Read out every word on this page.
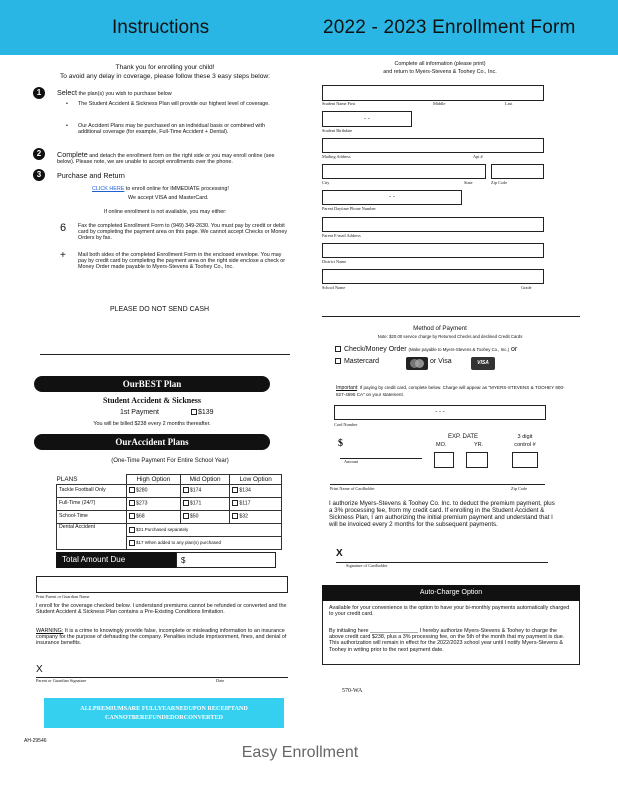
Instructions	2022 - 2023 Enrollment Form
Thank you for enrolling your child!
To avoid any delay in coverage, please follow these 3 easy steps below:
1	Select the plan(s) you wish to purchase below
• The Student Accident & Sickness Plan will provide our highest level of coverage.
• Our Accident Plans may be purchased on an individual basis or combined with additional coverage (for example, Full-Time Accident + Dental).
2	Complete and detach the enrollment form on the right side or you may enroll online (see below). Please note, we are unable to accept enrollments over the phone.
3	Purchase and Return
CLICK HERE to enroll online for IMMEDIATE processing!
We accept VISA and MasterCard.
If online enrollment is not available, you may either:
6 Fax the completed Enrollment Form to (949) 349-2630. You must pay by credit or debit card by completing the payment area on this page. We cannot accept Checks or Money Orders by fax.
+ Mail both sides of the completed Enrollment Form in the enclosed envelope. You may pay by credit card by completing the payment area on the right side enclose a check or Money Order made payable to Myers-Stevens & Toohey Co., Inc.
PLEASE DO NOT SEND CASH
OurBEST Plan
Student Accident & Sickness
1st Payment	$139
You will be billed $238 every 2 months thereafter.
OurAccident Plans
(One-Time Payment For Entire School Year)
PLANS	High Option	Mid Option	Low Option
Tackle Football Only	$280	$174	$134
Full-Time (24/7)	$273	$171	$117
School-Time	$68	$50	$32
Dental Accident	$21 Purchased separately		
	$17 When added to any plan(s) purchased		
Total Amount Due	$
Print Parent or Guardian Name
I enroll for the coverage checked below. I understand premiums cannot be refunded or converted and the Student Accident & Sickness Plan contains a Pre-Existing Conditions limitation.
WARNING: It is a crime to knowingly provide false, incomplete or misleading information to an insurance company for the purpose of defrauding the company. Penalties include imprisonment, fines, and denial of insurance benefits.
X
Parent or Guardian Signature	Date
ALLPREMIUMSARE FULLYEARNEDUPON RECEIPTAND
CANNOTBEREFUNDEDORCONVERTED
AH-29546
Easy Enrollment
Complete all information (please print)
and return to Myers-Stevens & Toohey Co., Inc.
Student Name First	Middle	Last
- -
Student Birthdate
Mailing Address	Apt #
City	State	Zip Code
- -
Parent Daytime Phone Number
Parent E-mail Address
District Name
School Name	Grade
Method of Payment
Note: $20.00 service charge by Returned Checks and declined Credit Cards
Check/Money Order (Make payable to Myers-Stevens & Toohey Co., Inc.) or
Mastercard	or Visa	VISA
Important: If paying by credit card, complete below. Charge will appear as "MYERS-STEVENS & TOOHEY 800-827-4695 CA" on your statement.
- - -
Card Number
$
Amount
EXP. DATE
MO.	YR.
3 digit
control #
Print Name of Cardholder	Zip Code
I authorize Myers-Stevens & Toohey Co. Inc. to deduct the premium payment, plus a 3% processing fee, from my credit card. If enrolling in the Student Accident & Sickness Plan, I am authorizing the initial premium payment and understand that I will be invoiced every 2 months for the subsequent payments.
X
Signature of Cardholder
Auto-Charge Option
Available for your convenience is the option to have your bi-monthly payments automatically charged to your credit card.
By initialing here ________________ I hereby authorize Myers-Stevens & Toohey to charge the above credit card $238, plus a 3% processing fee, on the 5th of the month that my payment is due. This authorization will remain in effect for the 2022/2023 school year until I notify Myers-Stevens & Toohey in writing prior to the next payment date.
570-WA
